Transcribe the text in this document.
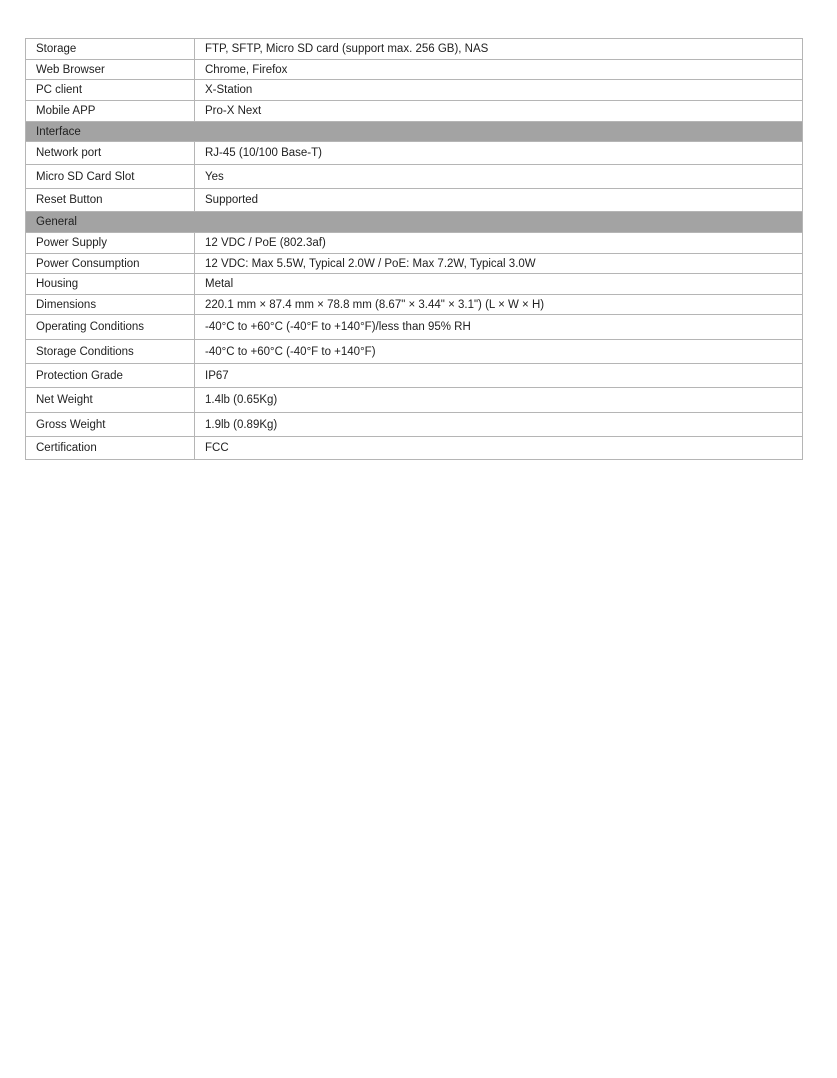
Storage	FTP, SFTP, Micro SD card (support max. 256 GB), NAS
Web Browser	Chrome, Firefox
PC client	X-Station
Mobile APP	Pro-X Next
Interface	
Network port	RJ-45 (10/100 Base-T)
Micro SD Card Slot	Yes
Reset Button	Supported
General	
Power Supply	12 VDC / PoE (802.3af)
Power Consumption	12 VDC: Max 5.5W, Typical 2.0W / PoE: Max 7.2W, Typical 3.0W
Housing	Metal
Dimensions	220.1 mm × 87.4 mm × 78.8 mm (8.67" × 3.44" × 3.1") (L × W × H)
Operating Conditions	-40°C to +60°C (-40°F to +140°F)/less than 95% RH
Storage Conditions	-40°C to +60°C (-40°F to +140°F)
Protection Grade	IP67
Net Weight	1.4lb (0.65Kg)
Gross Weight	1.9lb (0.89Kg)
Certification	FCC
